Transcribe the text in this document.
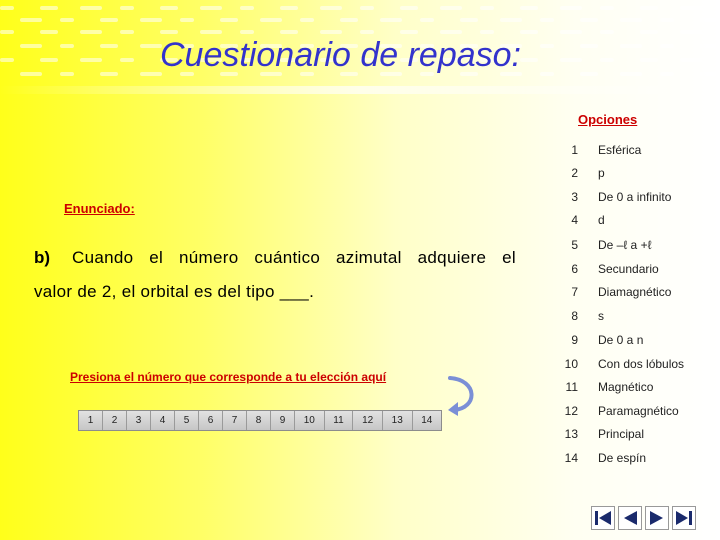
Cuestionario de repaso:
Enunciado:
b) Cuando el número cuántico azimutal adquiere el
valor de 2, el orbital es del tipo ___.
Opciones
1 Esférica
2 p
3 De 0 a infinito
4 d
5 De –ℓ a +ℓ
6 Secundario
7 Diamagnético
8 s
9 De 0 a n
10 Con dos lóbulos
11 Magnético
12 Paramagnético
13 Principal
14 De espín
Presiona el número que corresponde a tu elección aquí
1	2	3	4	5	6	7	8	9	10	11	12	13	14
